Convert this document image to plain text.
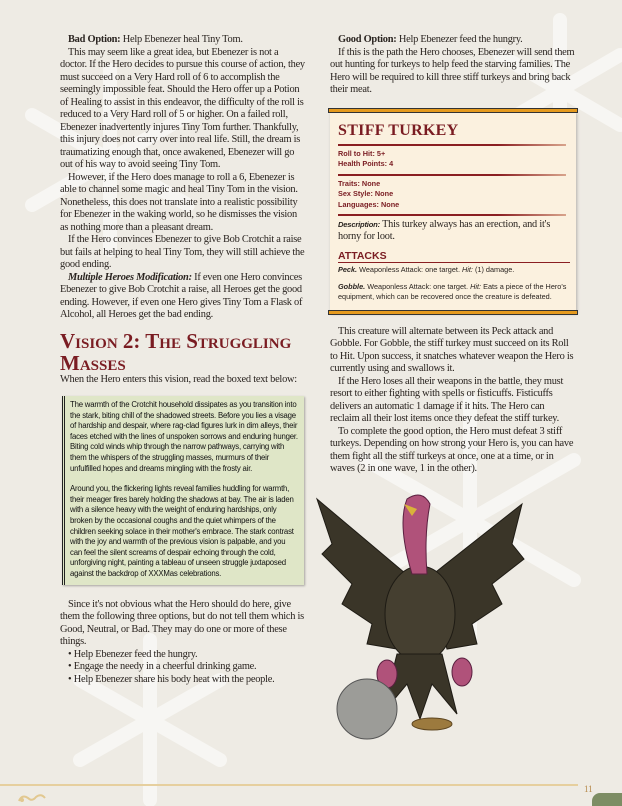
Bad Option: Help Ebenezer heal Tiny Tom.

This may seem like a great idea, but Ebenezer is not a doctor. If the Hero decides to pursue this course of action, they must succeed on a Very Hard roll of 6 to accomplish the seemingly impossible feat. Should the Hero offer up a Potion of Healing to assist in this endeavor, the difficulty of the roll is reduced to a Very Hard roll of 5 or higher. On a failed roll, Ebenezer inadvertently injures Tiny Tom further. Thankfully, this injury does not carry over into real life. Still, the dream is traumatizing enough that, once awakened, Ebenezer will go out of his way to avoid seeing Tiny Tom.

However, if the Hero does manage to roll a 6, Ebenezer is able to channel some magic and heal Tiny Tom in the vision. Nonetheless, this does not translate into a realistic possibility for Ebenezer in the waking world, so he dismisses the vision as nothing more than a pleasant dream.

If the Hero convinces Ebenezer to give Bob Crotchit a raise but fails at helping to heal Tiny Tom, they will still achieve the good ending.

Multiple Heroes Modification: If even one Hero convinces Ebenezer to give Bob Crotchit a raise, all Heroes get the good ending. However, if even one Hero gives Tiny Tom a Flask of Alcohol, all Heroes get the bad ending.

Vision 2: The Struggling Masses

When the Hero enters this vision, read the boxed text below:

The warmth of the Crotchit household dissipates as you transition into the stark, biting chill of the shadowed streets. Before you lies a visage of hardship and despair, where rag-clad figures lurk in dim alleys, their faces etched with the lines of unspoken sorrows and enduring hunger. Biting cold winds whip through the narrow pathways, carrying with them the whispers of the struggling masses, murmurs of their unfulfilled hopes and dreams mingling with the frosty air.

Around you, the flickering lights reveal families huddling for warmth, their meager fires barely holding the shadows at bay. The air is laden with a silence heavy with the weight of enduring hardships, only broken by the occasional coughs and the quiet whimpers of the children seeking solace in their mother's embrace. The stark contrast with the joy and warmth of the previous vision is palpable, and you can feel the silent screams of despair echoing through the cold, unforgiving night, painting a tableau of unseen struggle juxtaposed against the backdrop of XXXMas celebrations.

Since it's not obvious what the Hero should do here, give them the following three options, but do not tell them which is Good, Neutral, or Bad. They may do one or more of these things.

• Help Ebenezer feed the hungry.
• Engage the needy in a cheerful drinking game.
• Help Ebenezer share his body heat with the people.

Good Option: Help Ebenezer feed the hungry.

If this is the path the Hero chooses, Ebenezer will send them out hunting for turkeys to help feed the starving families. The Hero will be required to kill three stiff turkeys and bring back their meat.

STIFF TURKEY
Roll to Hit: 5+
Health Points: 4
Traits: None
Sex Style: None
Languages: None
Description: This turkey always has an erection, and it's horny for loot.
ATTACKS
Peck. Weaponless Attack: one target. Hit: (1) damage.
Gobble. Weaponless Attack: one target. Hit: Eats a piece of the Hero's equipment, which can be recovered once the creature is defeated.

This creature will alternate between its Peck attack and Gobble. For Gobble, the stiff turkey must succeed on its Roll to Hit. Upon success, it snatches whatever weapon the Hero is currently using and swallows it.

If the Hero loses all their weapons in the battle, they must resort to either fighting with spells or fisticuffs. Fisticuffs delivers an automatic 1 damage if it hits. The Hero can reclaim all their lost items once they defeat the stiff turkey.

To complete the good option, the Hero must defeat 3 stiff turkeys. Depending on how strong your Hero is, you can have them fight all the stiff turkeys at once, one at a time, or in waves (2 in one wave, 1 in the other).

11
